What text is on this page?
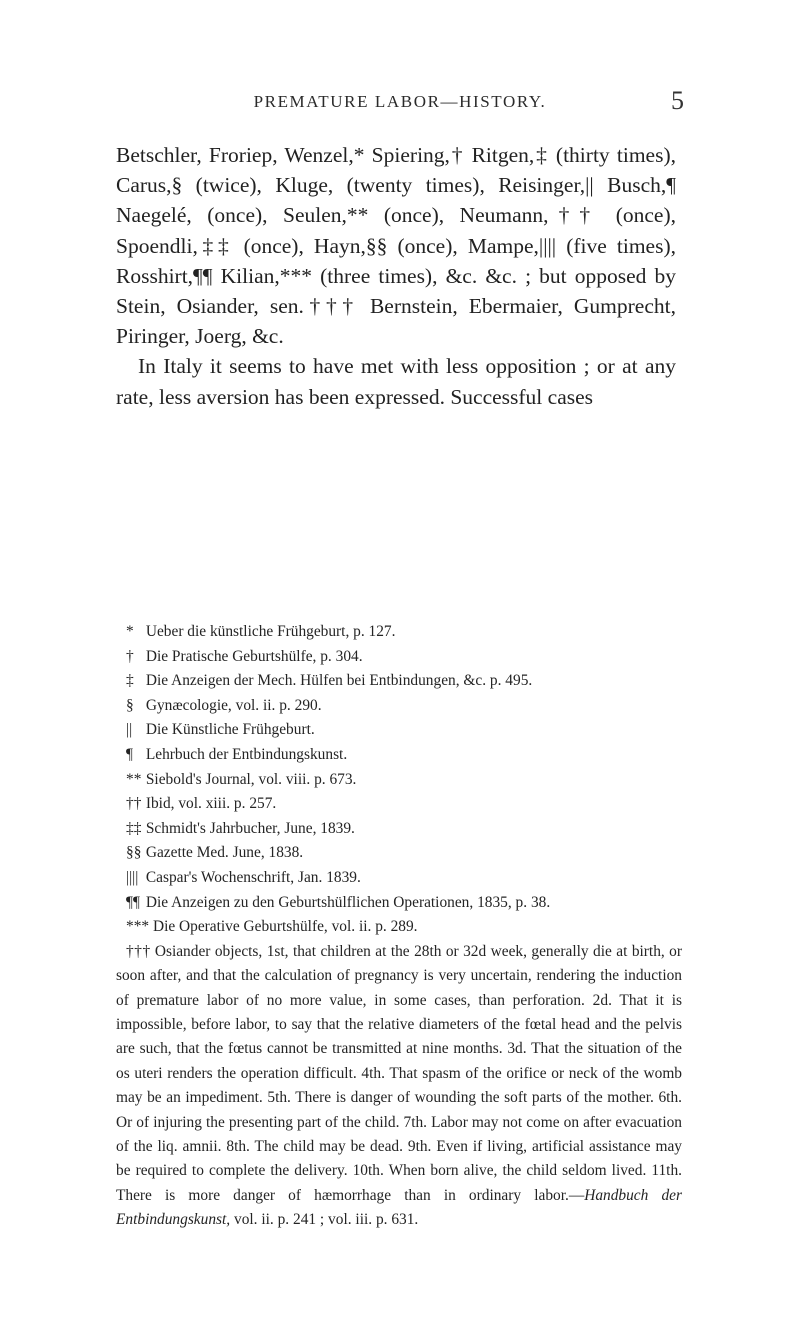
PREMATURE LABOR—HISTORY.	5

Betschler, Froriep, Wenzel,* Spiering,† Ritgen,‡ (thirty times), Carus,§ (twice), Kluge, (twenty times), Reisinger,|| Busch,¶ Naegelé, (once), Seulen,** (once), Neumann,†† (once), Spoendli,‡‡ (once), Hayn,§§ (once), Mampe,|||| (five times), Rosshirt,¶¶ Kilian,*** (three times), &c. &c. ; but opposed by Stein, Osiander, sen.††† Bernstein, Ebermaier, Gumprecht, Piringer, Joerg, &c.

In Italy it seems to have met with less opposition ; or at any rate, less aversion has been expressed. Successful cases

* Ueber die künstliche Frühgeburt, p. 127.
† Die Pratische Geburtshülfe, p. 304.
‡ Die Anzeigen der Mech. Hülfen bei Entbindungen, &c. p. 495.
§ Gynæcologie, vol. ii. p. 290.
|| Die Künstliche Frühgeburt.
¶ Lehrbuch der Entbindungskunst.
** Siebold's Journal, vol. viii. p. 673.
†† Ibid, vol. xiii. p. 257.
‡‡ Schmidt's Jahrbucher, June, 1839.
§§ Gazette Med. June, 1838.
|||| Caspar's Wochenschrift, Jan. 1839.
¶¶ Die Anzeigen zu den Geburtshülflichen Operationen, 1835, p. 38.
*** Die Operative Geburtshülfe, vol. ii. p. 289.
††† Osiander objects, 1st, that children at the 28th or 32d week, generally die at birth, or soon after, and that the calculation of pregnancy is very uncertain, rendering the induction of premature labor of no more value, in some cases, than perforation. 2d. That it is impossible, before labor, to say that the relative diameters of the fœtal head and the pelvis are such, that the fœtus cannot be transmitted at nine months. 3d. That the situation of the os uteri renders the operation difficult. 4th. That spasm of the orifice or neck of the womb may be an impediment. 5th. There is danger of wounding the soft parts of the mother. 6th. Or of injuring the presenting part of the child. 7th. Labor may not come on after evacuation of the liq. amnii. 8th. The child may be dead. 9th. Even if living, artificial assistance may be required to complete the delivery. 10th. When born alive, the child seldom lived. 11th. There is more danger of hæmorrhage than in ordinary labor.—Handbuch der Entbindungskunst, vol. ii. p. 241 ; vol. iii. p. 631.
